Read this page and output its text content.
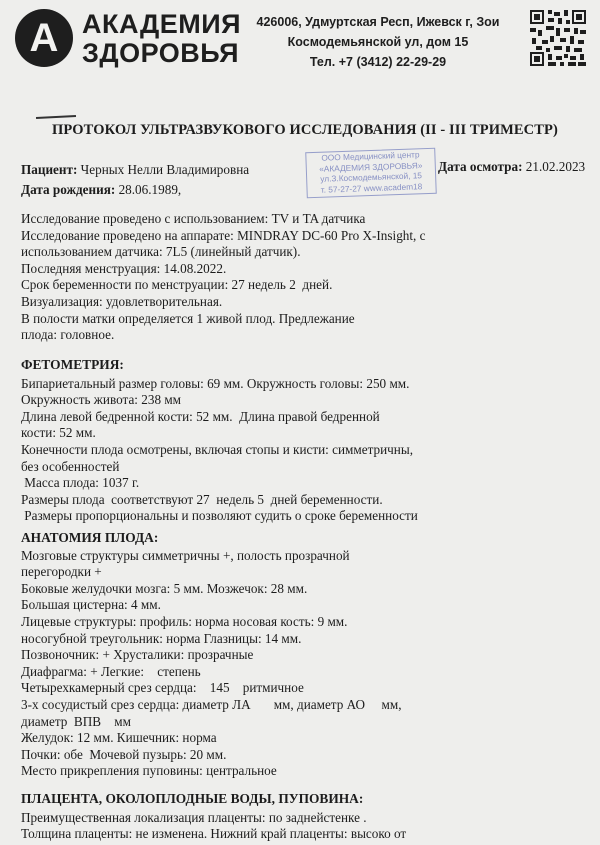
А АКАДЕМИЯ
ЗДОРОВЬЯ
426006, Удмуртская Респ, Ижевск г, Зои
Космодемьянской ул, дом 15
Тел. +7 (3412) 22-29-29
ПРОТОКОЛ УЛЬТРАЗВУКОВОГО ИССЛЕДОВАНИЯ (II - III ТРИМЕСТР)
Пациент: Черных Нелли Владимировна
Дата рождения: 28.06.1989,
Дата осмотра: 21.02.2023
ООО Медицинский центр
«АКАДЕМИЯ ЗДОРОВЬЯ»
ул.З.Космодемьянской, 15
т. 57-27-27 www.academ18
Исследование проведено с использованием: TV и TA датчика
Исследование проведено на аппарате: MINDRAY DC-60 Pro X-Insight, с
использованием датчика: 7L5 (линейный датчик).
Последняя менструация: 14.08.2022.
Срок беременности по менструации: 27 недель 2  дней.
Визуализация: удовлетворительная.
В полости матки определяется 1 живой плод. Предлежание
плода: головное.
ФЕТОМЕТРИЯ:
Бипариетальный размер головы: 69 мм. Окружность головы: 250 мм.
Окружность живота: 238 мм
Длина левой бедренной кости: 52 мм.  Длина правой бедренной
кости: 52 мм.
Конечности плода осмотрены, включая стопы и кисти: симметричны,
без особенностей
Масса плода: 1037 г.
Размеры плода  соответствуют 27  недель 5  дней беременности.
Размеры пропорциональны и позволяют судить о сроке беременности
АНАТОМИЯ ПЛОДА:
Мозговые структуры симметричны +, полость прозрачной
перегородки +
Боковые желудочки мозга: 5 мм. Мозжечок: 28 мм.
Большая цистерна: 4 мм.
Лицевые структуры: профиль: норма носовая кость: 9 мм.
носогубной треугольник: норма Глазницы: 14 мм.
Позвоночник: + Хрусталики: прозрачные
Диафрагма: + Легкие:    степень
Четырехкамерный срез сердца:    145    ритмичное
3-х сосудистый срез сердца: диаметр ЛА       мм, диаметр АО     мм,
диаметр  ВПВ    мм
Желудок: 12 мм. Кишечник: норма
Почки: обе  Мочевой пузырь: 20 мм.
Место прикрепления пуповины: центральное
ПЛАЦЕНТА, ОКОЛОПЛОДНЫЕ ВОДЫ, ПУПОВИНА:
Преимущественная локализация плаценты: по заднейстенке .
Толщина плаценты: не изменена. Нижний край плаценты: высоко от
